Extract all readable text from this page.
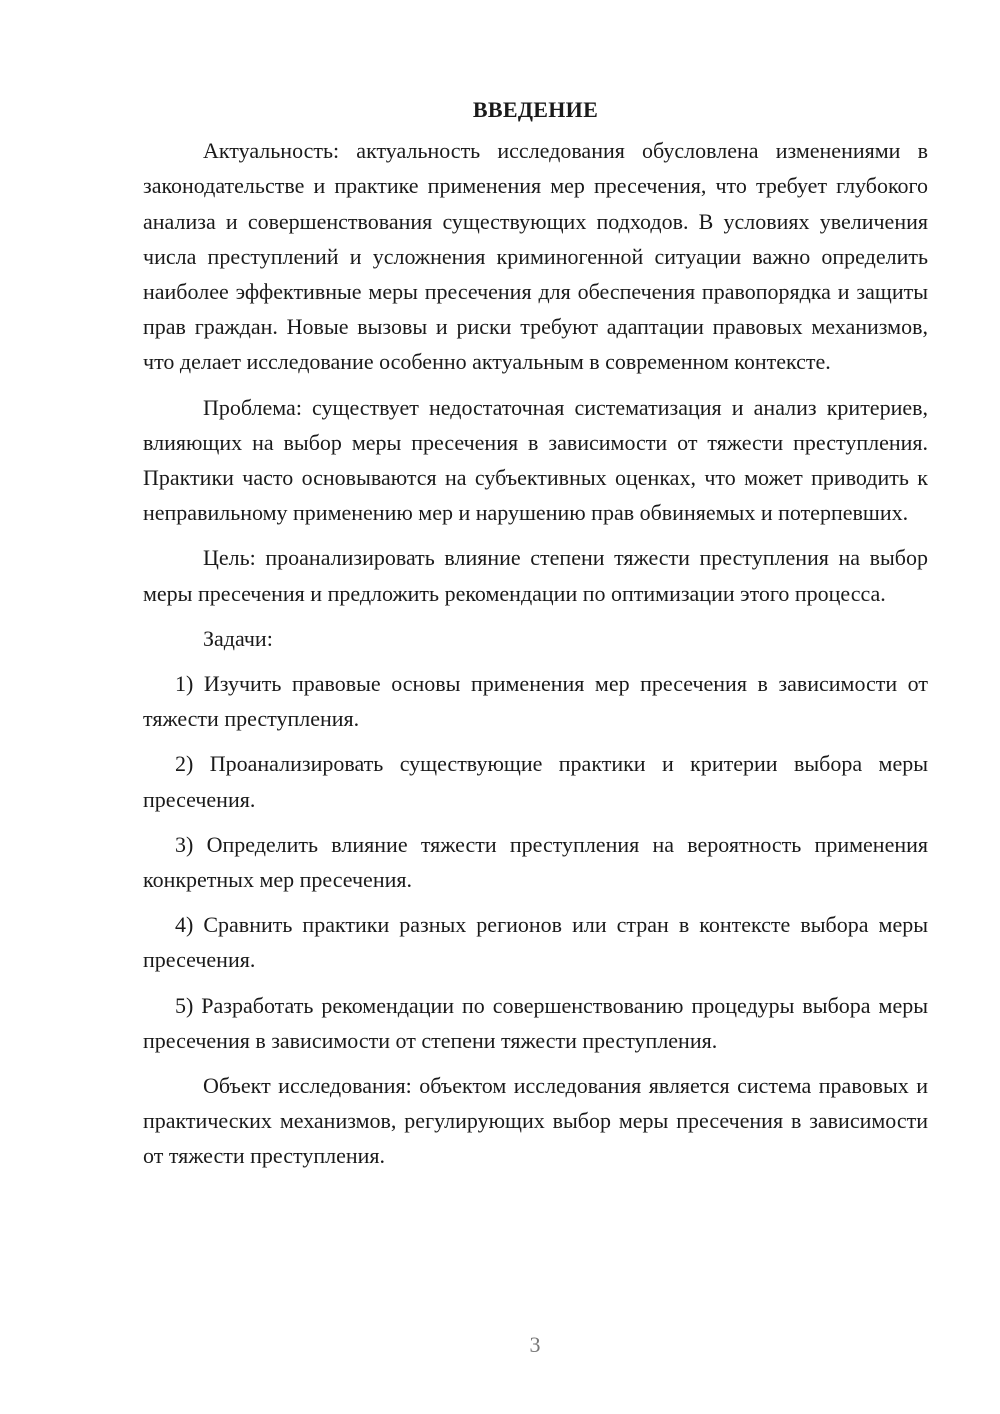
ВВЕДЕНИЕ

Актуальность: актуальность исследования обусловлена изменениями в законодательстве и практике применения мер пресечения, что требует глубокого анализа и совершенствования существующих подходов. В условиях увеличения числа преступлений и усложнения криминогенной ситуации важно определить наиболее эффективные меры пресечения для обеспечения правопорядка и защиты прав граждан. Новые вызовы и риски требуют адаптации правовых механизмов, что делает исследование особенно актуальным в современном контексте.

Проблема: существует недостаточная систематизация и анализ критериев, влияющих на выбор меры пресечения в зависимости от тяжести преступления. Практики часто основываются на субъективных оценках, что может приводить к неправильному применению мер и нарушению прав обвиняемых и потерпевших.

Цель: проанализировать влияние степени тяжести преступления на выбор меры пресечения и предложить рекомендации по оптимизации этого процесса.

Задачи:

1) Изучить правовые основы применения мер пресечения в зависимости от тяжести преступления.

2) Проанализировать существующие практики и критерии выбора меры пресечения.

3) Определить влияние тяжести преступления на вероятность применения конкретных мер пресечения.

4) Сравнить практики разных регионов или стран в контексте выбора меры пресечения.

5) Разработать рекомендации по совершенствованию процедуры выбора меры пресечения в зависимости от степени тяжести преступления.

Объект исследования: объектом исследования является система правовых и практических механизмов, регулирующих выбор меры пресечения в зависимости от тяжести преступления.

3
